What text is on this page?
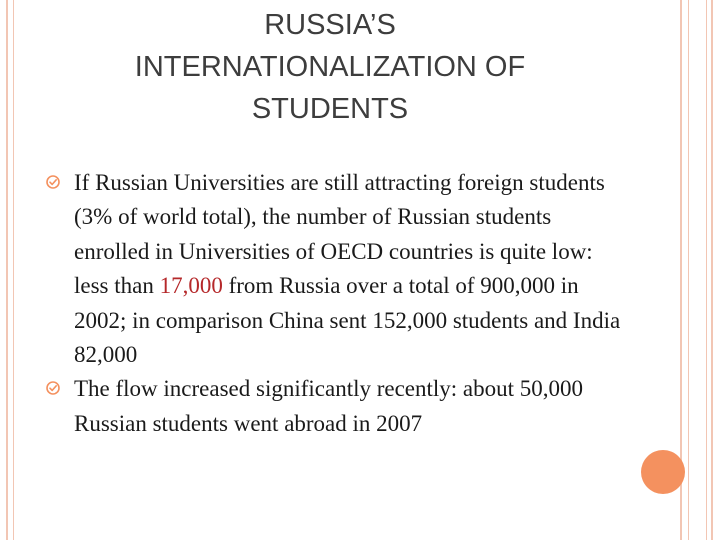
RUSSIA’S
INTERNATIONALIZATION OF
STUDENTS
If Russian Universities are still attracting foreign students (3% of world total), the number of Russian students enrolled in Universities of OECD countries is quite low: less than 17,000 from Russia over a total of 900,000 in 2002; in comparison China sent 152,000 students and India 82,000
The flow increased significantly recently: about 50,000 Russian students went abroad in 2007
